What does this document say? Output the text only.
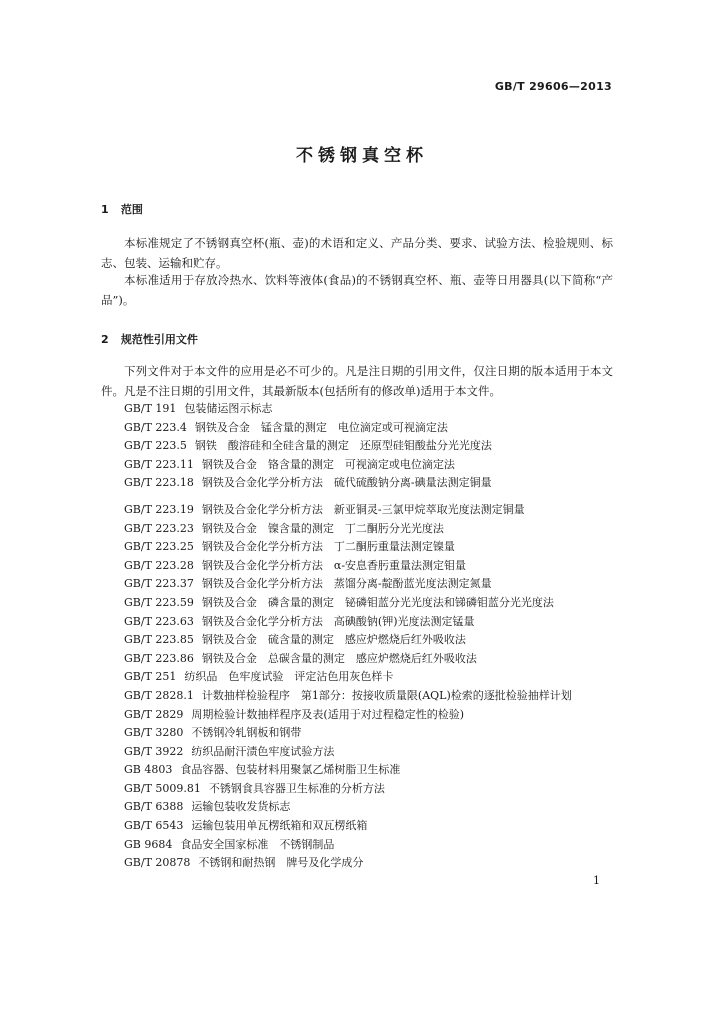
GB/T 29606—2013
不锈钢真空杯
1 范围

本标准规定了不锈钢真空杯(瓶、壶)的术语和定义、产品分类、要求、试验方法、检验规则、标志、包装、运输和贮存。

本标准适用于存放冷热水、饮料等液体(食品)的不锈钢真空杯、瓶、壶等日用器具(以下简称“产品”)。

2 规范性引用文件

下列文件对于本文件的应用是必不可少的。凡是注日期的引用文件，仅注日期的版本适用于本文件。凡是不注日期的引用文件，其最新版本(包括所有的修改单)适用于本文件。

GB/T 191 包装储运图示标志
GB/T 223.4 钢铁及合金　锰含量的测定　电位滴定或可视滴定法
GB/T 223.5 钢铁　酸溶硅和全硅含量的测定　还原型硅钼酸盐分光光度法
GB/T 223.11 钢铁及合金　铬含量的测定　可视滴定或电位滴定法
GB/T 223.18 钢铁及合金化学分析方法　硫代硫酸钠分离-碘量法测定铜量
GB/T 223.19 钢铁及合金化学分析方法　新亚铜灵-三氯甲烷萃取光度法测定铜量
GB/T 223.23 钢铁及合金　镍含量的测定　丁二酮肟分光光度法
GB/T 223.25 钢铁及合金化学分析方法　丁二酮肟重量法测定镍量
GB/T 223.28 钢铁及合金化学分析方法　α-安息香肟重量法测定钼量
GB/T 223.37 钢铁及合金化学分析方法　蒸馏分离-靛酚蓝光度法测定氮量
GB/T 223.59 钢铁及合金　磷含量的测定　铋磷钼蓝分光光度法和锑磷钼蓝分光光度法
GB/T 223.63 钢铁及合金化学分析方法　高碘酸钠(钾)光度法测定锰量
GB/T 223.85 钢铁及合金　硫含量的测定　感应炉燃烧后红外吸收法
GB/T 223.86 钢铁及合金　总碳含量的测定　感应炉燃烧后红外吸收法
GB/T 251 纺织品　色牢度试验　评定沾色用灰色样卡
GB/T 2828.1 计数抽样检验程序　第1部分：按接收质量限(AQL)检索的逐批检验抽样计划
GB/T 2829 周期检验计数抽样程序及表(适用于对过程稳定性的检验)
GB/T 3280 不锈钢冷轧钢板和钢带
GB/T 3922 纺织品耐汗渍色牢度试验方法
GB 4803 食品容器、包装材料用聚氯乙烯树脂卫生标准
GB/T 5009.81 不锈钢食具容器卫生标准的分析方法
GB/T 6388 运输包装收发货标志
GB/T 6543 运输包装用单瓦楞纸箱和双瓦楞纸箱
GB 9684 食品安全国家标准　不锈钢制品
GB/T 20878 不锈钢和耐热钢　牌号及化学成分
1
